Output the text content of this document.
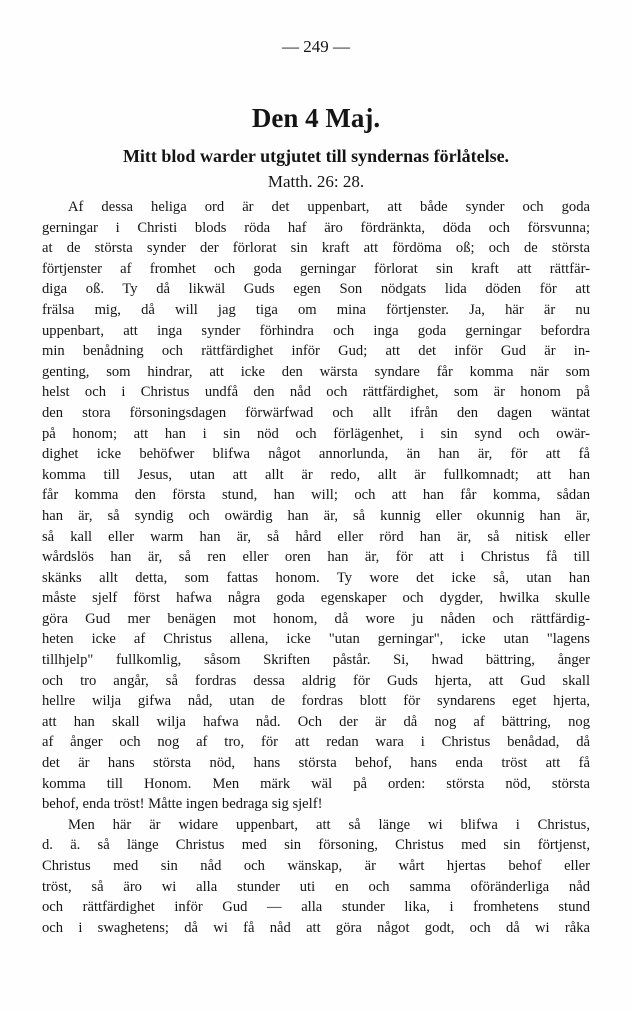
— 249 —
Den 4 Maj.
Mitt blod warder utgjutet till syndernas förlåtelse.
Matth. 26: 28.
Af dessa heliga ord är det uppenbart, att både synder och goda
gerningar i Christi blods röda haf äro fördränkta, döda och försvunna;
at de största synder der förlorat sin kraft att fördöma oß; och de största
förtjenster af fromhet och goda gerningar förlorat sin kraft att rättfär-
diga oß. Ty då likwäl Guds egen Son nödgats lida döden för att
frälsa mig, då will jag tiga om mina förtjenster. Ja, här är nu
uppenbart, att inga synder förhindra och inga goda gerningar befordra
min benådning och rättfärdighet inför Gud; att det inför Gud är in-
genting, som hindrar, att icke den wärsta syndare får komma när som
helst och i Christus undfå den nåd och rättfärdighet, som är honom på
den stora försoningsdagen förwärfwad och allt ifrån den dagen wäntat
på honom; att han i sin nöd och förlägenhet, i sin synd och owär-
dighet icke behöfwer blifwa något annorlunda, än han är, för att få
komma till Jesus, utan att allt är redo, allt är fullkomnadt; att han
får komma den första stund, han will; och att han får komma, sådan
han är, så syndig och owärdig han är, så kunnig eller okunnig han är,
så kall eller warm han är, så hård eller rörd han är, så nitisk eller
wårdslös han är, så ren eller oren han är, för att i Christus få till
skänks allt detta, som fattas honom. Ty wore det icke så, utan han
måste sjelf först hafwa några goda egenskaper och dygder, hwilka skulle
göra Gud mer benägen mot honom, då wore ju nåden och rättfärdig-
heten icke af Christus allena, icke "utan gerningar", icke utan "lagens
tillhjelp" fullkomlig, såsom Skriften påstår. Si, hwad bättring, ånger
och tro angår, så fordras dessa aldrig för Guds hjerta, att Gud skall
hellre wilja gifwa nåd, utan de fordras blott för syndarens eget hjerta,
att han skall wilja hafwa nåd. Och der är då nog af bättring, nog
af ånger och nog af tro, för att redan wara i Christus benådad, då
det är hans största nöd, hans största behof, hans enda tröst att få
komma till Honom. Men märk wäl på orden: största nöd, största
behof, enda tröst! Måtte ingen bedraga sig sjelf!
Men här är widare uppenbart, att så länge wi blifwa i Christus,
d. ä. så länge Christus med sin försoning, Christus med sin förtjenst,
Christus med sin nåd och wänskap, är wårt hjertas behof eller
tröst, så äro wi alla stunder uti en och samma oföränderliga nåd
och rättfärdighet inför Gud — alla stunder lika, i fromhetens stund
och i swaghetens; då wi få nåd att göra något godt, och då wi råka
